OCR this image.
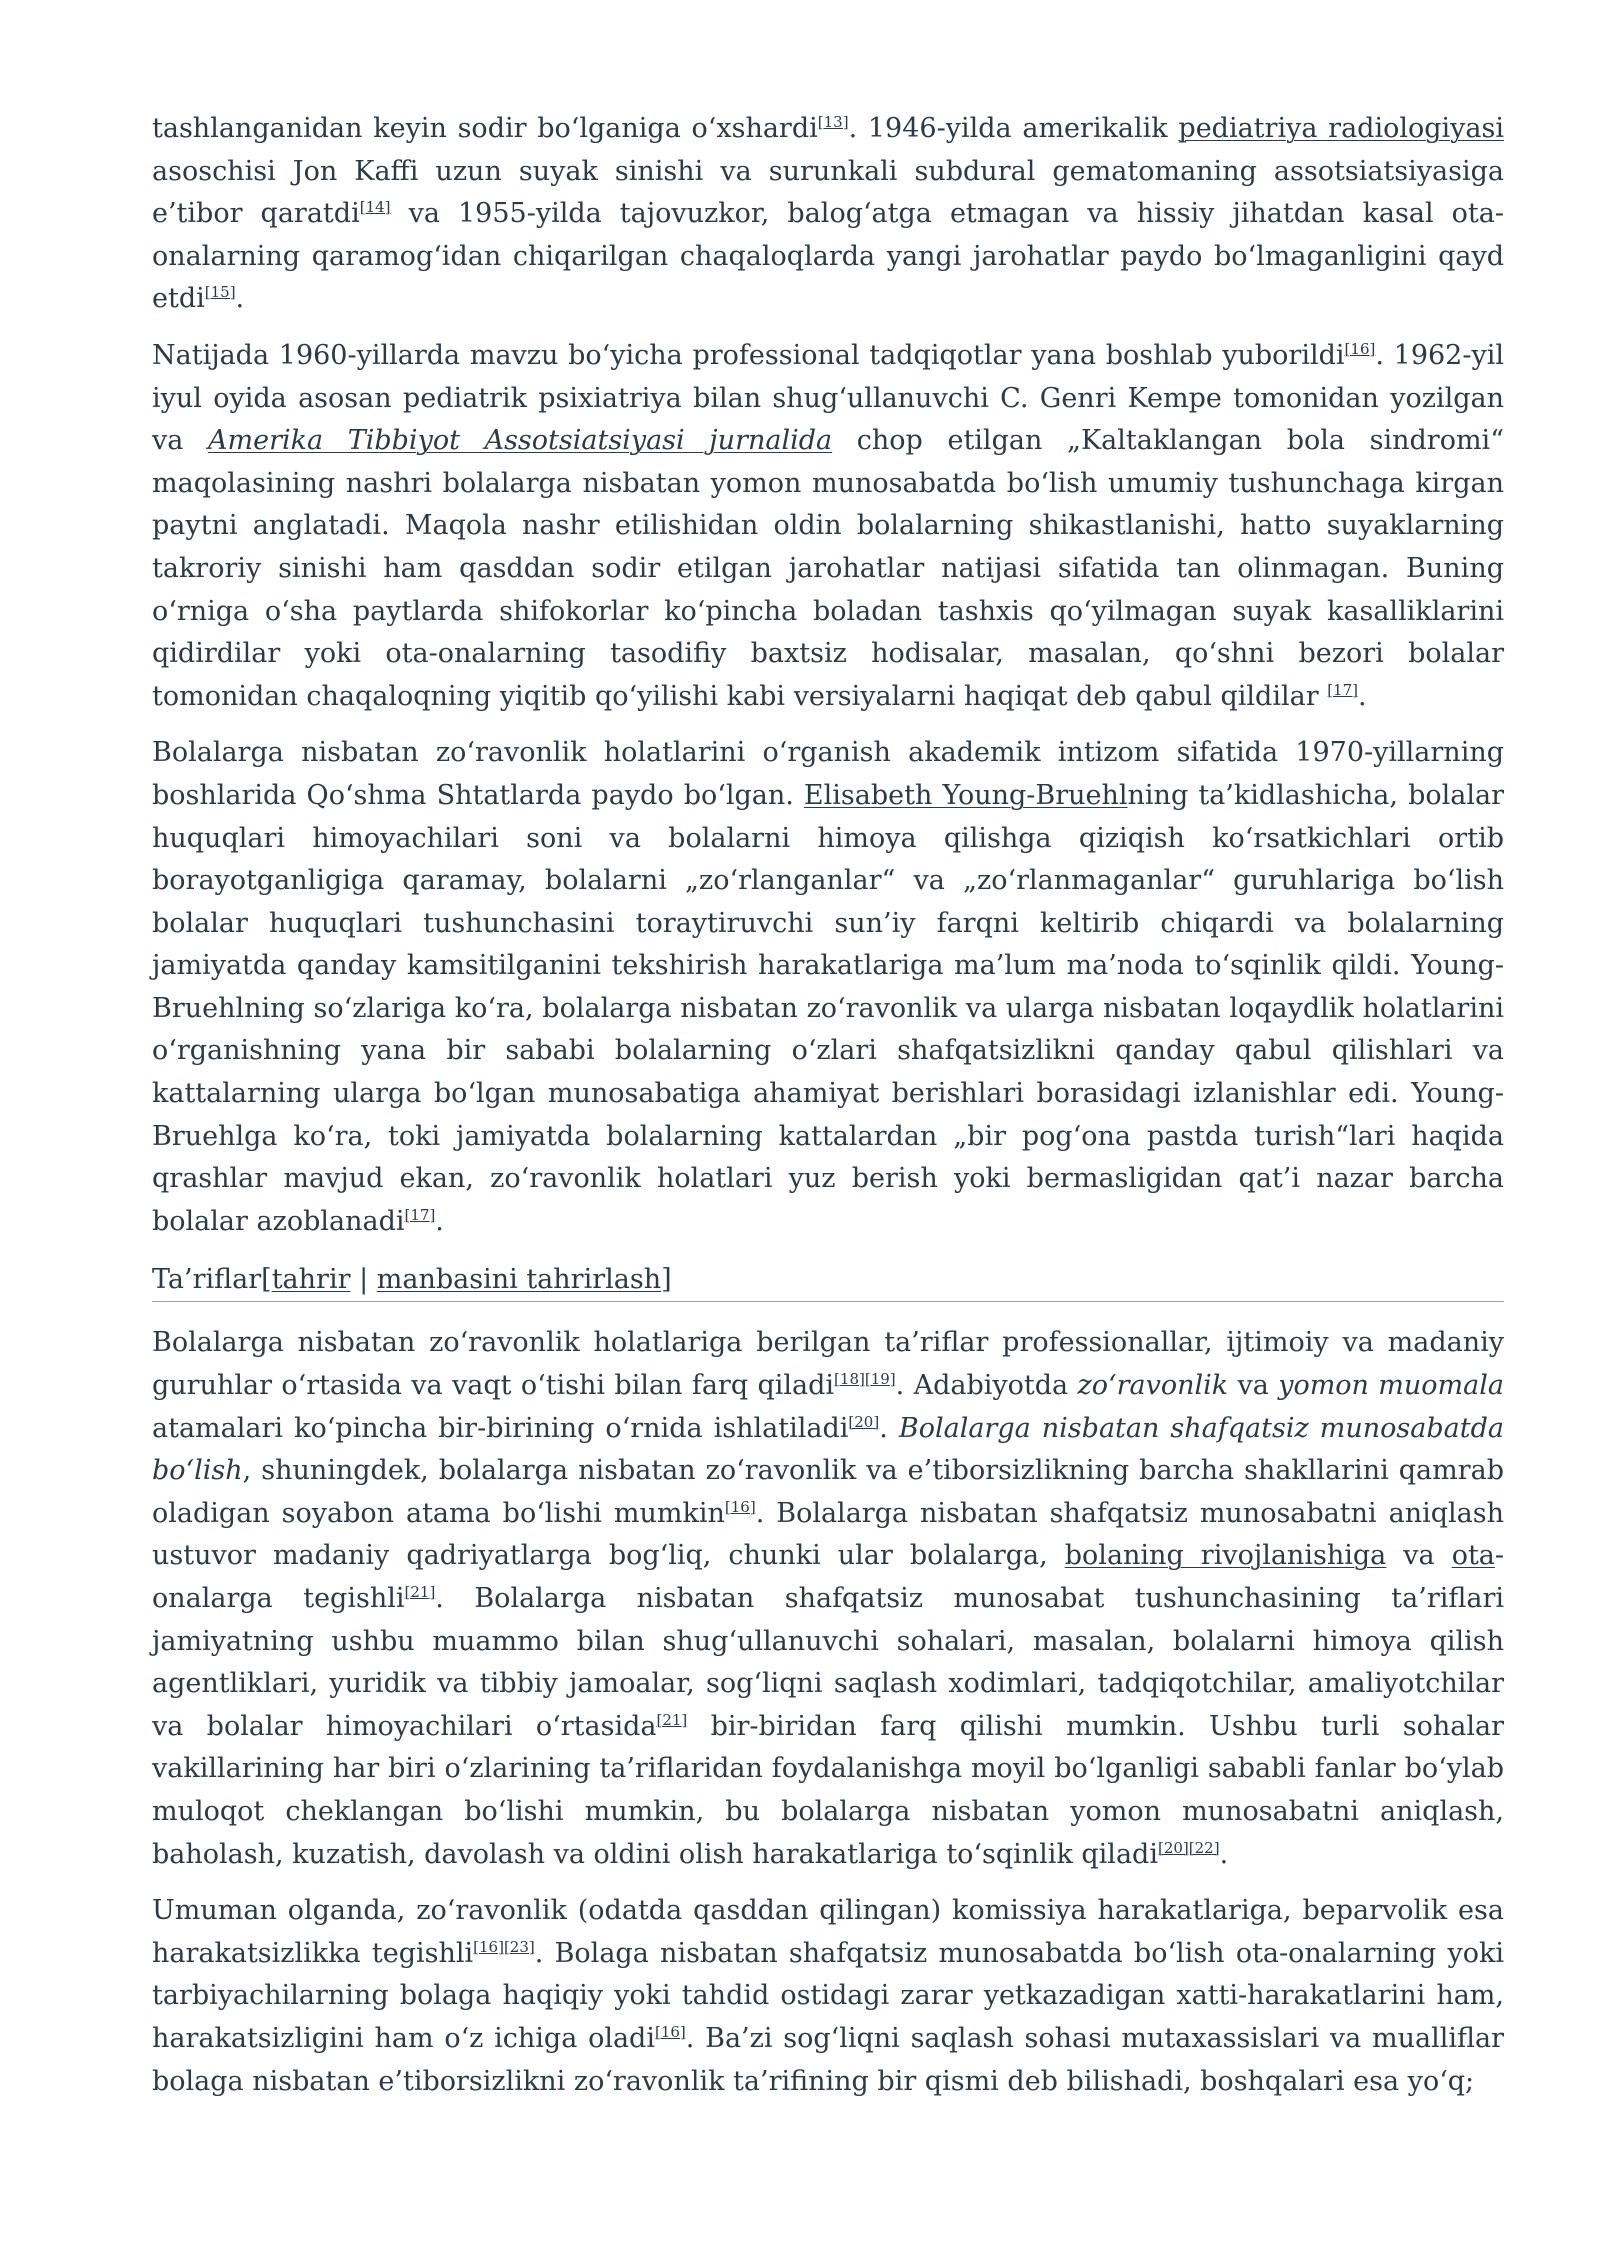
tashlanganidan keyin sodir bo‘lganiga o‘xshardi[13]. 1946-yilda amerikalik pediatriya radiologiyasi asoschisi Jon Kaffi uzun suyak sinishi va surunkali subdural gematomaning assotsiatsiyasiga e’tibor qaratdi[14] va 1955-yilda tajovuzkor, balog‘atga etmagan va hissiy jihatdan kasal ota-onalarning qaramog‘idan chiqarilgan chaqaloqlarda yangi jarohatlar paydo bo‘lmaganligini qayd etdi[15].

Natijada 1960-yillarda mavzu bo‘yicha professional tadqiqotlar yana boshlab yuborildi[16]. 1962-yil iyul oyida asosan pediatrik psixiatriya bilan shug‘ullanuvchi C. Genri Kempe tomonidan yozilgan va Amerika Tibbiyot Assotsiatsiyasi jurnalida chop etilgan „Kaltaklangan bola sindromi“ maqolasining nashri bolalarga nisbatan yomon munosabatda bo‘lish umumiy tushunchaga kirgan paytni anglatadi. Maqola nashr etilishidan oldin bolalarning shikastlanishi, hatto suyaklarning takroriy sinishi ham qasddan sodir etilgan jarohatlar natijasi sifatida tan olinmagan. Buning o‘rniga o‘sha paytlarda shifokorlar ko‘pincha boladan tashxis qo‘yilmagan suyak kasalliklarini qidirdilar yoki ota-onalarning tasodifiy baxtsiz hodisalar, masalan, qo‘shni bezori bolalar tomonidan chaqaloqning yiqitib qo‘yilishi kabi versiyalarni haqiqat deb qabul qildilar [17].

Bolalarga nisbatan zo‘ravonlik holatlarini o‘rganish akademik intizom sifatida 1970-yillarning boshlarida Qo‘shma Shtatlarda paydo bo‘lgan. Elisabeth Young-Bruehlning ta’kidlashicha, bolalar huquqlari himoyachilari soni va bolalarni himoya qilishga qiziqish ko‘rsatkichlari ortib borayotganligiga qaramay, bolalarni „zo‘rlanganlar“ va „zo‘rlanmaganlar“ guruhlariga bo‘lish bolalar huquqlari tushunchasini toraytiruvchi sun’iy farqni keltirib chiqardi va bolalarning jamiyatda qanday kamsitilganini tekshirish harakatlariga ma’lum ma’noda to‘sqinlik qildi. Young-Bruehlning so‘zlariga ko‘ra, bolalarga nisbatan zo‘ravonlik va ularga nisbatan loqaydlik holatlarini o‘rganishning yana bir sababi bolalarning o‘zlari shafqatsizlikni qanday qabul qilishlari va kattalarning ularga bo‘lgan munosabatiga ahamiyat berishlari borasidagi izlanishlar edi. Young-Bruehlga ko‘ra, toki jamiyatda bolalarning kattalardan „bir pog‘ona pastda turish“lari haqida qrashlar mavjud ekan, zo‘ravonlik holatlari yuz berish yoki bermasligidan qat’i nazar barcha bolalar azoblanadi[17].

Ta’riflar[tahrir | manbasini tahrirlash]

Bolalarga nisbatan zo‘ravonlik holatlariga berilgan ta’riflar professionallar, ijtimoiy va madaniy guruhlar o‘rtasida va vaqt o‘tishi bilan farq qiladi[18][19]. Adabiyotda zo‘ravonlik va yomon muomala atamalari ko‘pincha bir-birining o‘rnida ishlatiladi[20]. Bolalarga nisbatan shafqatsiz munosabatda bo‘lish, shuningdek, bolalarga nisbatan zo‘ravonlik va e’tiborsizlikning barcha shakllarini qamrab oladigan soyabon atama bo‘lishi mumkin[16]. Bolalarga nisbatan shafqatsiz munosabatni aniqlash ustuvor madaniy qadriyatlarga bog‘liq, chunki ular bolalarga, bolaning rivojlanishiga va ota-onalarga tegishli[21]. Bolalarga nisbatan shafqatsiz munosabat tushunchasining ta’riflari jamiyatning ushbu muammo bilan shug‘ullanuvchi sohalari, masalan, bolalarni himoya qilish agentliklari, yuridik va tibbiy jamoalar, sog‘liqni saqlash xodimlari, tadqiqotchilar, amaliyotchilar va bolalar himoyachilari o‘rtasida[21] bir-biridan farq qilishi mumkin. Ushbu turli sohalar vakillarining har biri o‘zlarining ta’riflaridan foydalanishga moyil bo‘lganligi sababli fanlar bo‘ylab muloqot cheklangan bo‘lishi mumkin, bu bolalarga nisbatan yomon munosabatni aniqlash, baholash, kuzatish, davolash va oldini olish harakatlariga to‘sqinlik qiladi[20][22].

Umuman olganda, zo‘ravonlik (odatda qasddan qilingan) komissiya harakatlariga, beparvolik esa harakatsizlikka tegishli[16][23]. Bolaga nisbatan shafqatsiz munosabatda bo‘lish ota-onalarning yoki tarbiyachilarning bolaga haqiqiy yoki tahdid ostidagi zarar yetkazadigan xatti-harakatlarini ham, harakatsizligini ham o‘z ichiga oladi[16]. Ba’zi sog‘liqni saqlash sohasi mutaxassislari va mualliflar bolaga nisbatan e’tiborsizlikni zo‘ravonlik ta’rifining bir qismi deb bilishadi, boshqalari esa yo‘q;
